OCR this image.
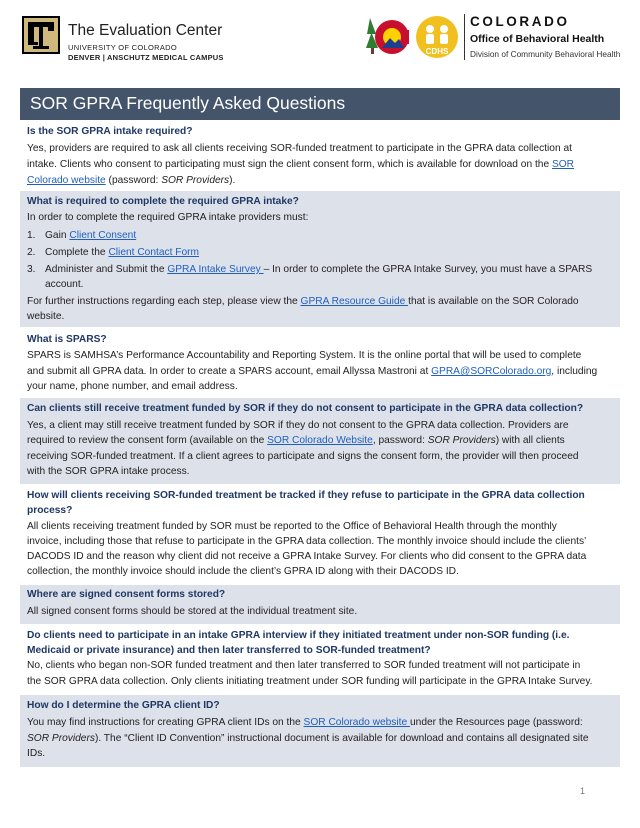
The Evaluation Center
UNIVERSITY OF COLORADO
DENVER | ANSCHUTZ MEDICAL CAMPUS
CDHS
COLORADO
Office of Behavioral Health
Division of Community Behavioral Health
SOR GPRA Frequently Asked Questions
Is the SOR GPRA intake required?
Yes, providers are required to ask all clients receiving SOR-funded treatment to participate in the GPRA data collection at
intake. Clients who consent to participating must sign the client consent form, which is available for download on the SOR
Colorado website (password: SOR Providers).
What is required to complete the required GPRA intake?
In order to complete the required GPRA intake providers must:
1. Gain Client Consent
2. Complete the Client Contact Form
3. Administer and Submit the GPRA Intake Survey – In order to complete the GPRA Intake Survey, you must have a SPARS
account.
For further instructions regarding each step, please view the GPRA Resource Guide that is available on the SOR Colorado
website.
What is SPARS?
SPARS is SAMHSA’s Performance Accountability and Reporting System. It is the online portal that will be used to complete
and submit all GPRA data. In order to create a SPARS account, email Allyssa Mastroni at GPRA@SORColorado.org, including
your name, phone number, and email address.
Can clients still receive treatment funded by SOR if they do not consent to participate in the GPRA data collection?
Yes, a client may still receive treatment funded by SOR if they do not consent to the GPRA data collection. Providers are
required to review the consent form (available on the SOR Colorado Website, password: SOR Providers) with all clients
receiving SOR-funded treatment. If a client agrees to participate and signs the consent form, the provider will then proceed
with the SOR GPRA intake process.
How will clients receiving SOR-funded treatment be tracked if they refuse to participate in the GPRA data collection
process?
All clients receiving treatment funded by SOR must be reported to the Office of Behavioral Health through the monthly
invoice, including those that refuse to participate in the GPRA data collection. The monthly invoice should include the clients’
DACODS ID and the reason why client did not receive a GPRA Intake Survey. For clients who did consent to the GPRA data
collection, the monthly invoice should include the client’s GPRA ID along with their DACODS ID.
Where are signed consent forms stored?
All signed consent forms should be stored at the individual treatment site.
Do clients need to participate in an intake GPRA interview if they initiated treatment under non-SOR funding (i.e.
Medicaid or private insurance) and then later transferred to SOR-funded treatment?
No, clients who began non-SOR funded treatment and then later transferred to SOR funded treatment will not participate in
the SOR GPRA data collection. Only clients initiating treatment under SOR funding will participate in the GPRA Intake Survey.
How do I determine the GPRA client ID?
You may find instructions for creating GPRA client IDs on the SOR Colorado website under the Resources page (password:
SOR Providers). The “Client ID Convention” instructional document is available for download and contains all designated site
IDs.
1
